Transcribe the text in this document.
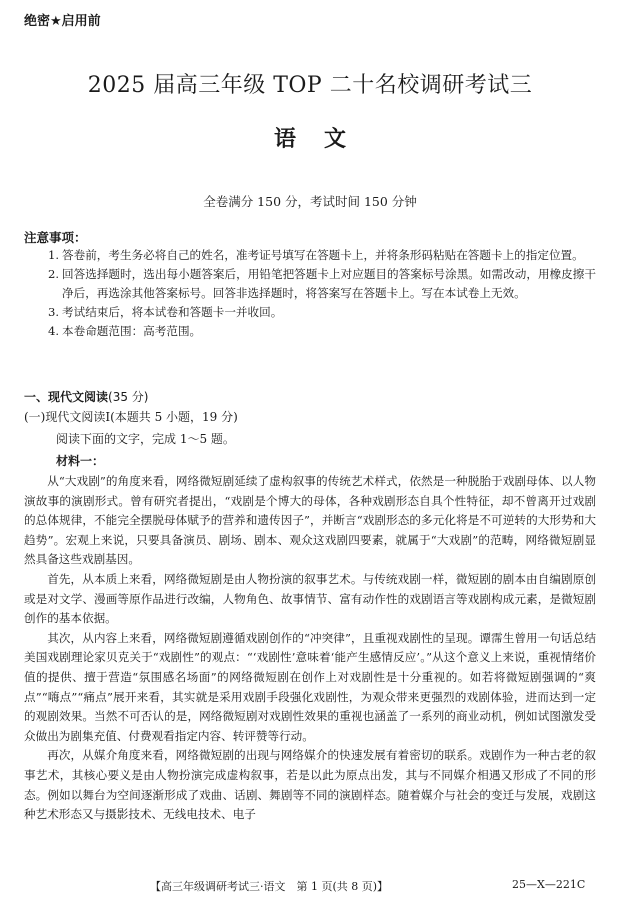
绝密★启用前
2025 届高三年级 TOP 二十名校调研考试三
语文
全卷满分 150 分，考试时间 150 分钟
注意事项：
1. 答卷前，考生务必将自己的姓名，准考证号填写在答题卡上，并将条形码粘贴在答题卡上的指定位置。
2. 回答选择题时，选出每小题答案后，用铅笔把答题卡上对应题目的答案标号涂黑。如需改动，用橡皮擦干净后，再选涂其他答案标号。回答非选择题时，将答案写在答题卡上。写在本试卷上无效。
3. 考试结束后，将本试卷和答题卡一并收回。
4. 本卷命题范围：高考范围。
一、现代文阅读(35 分)
(一)现代文阅读Ⅰ(本题共 5 小题，19 分)
阅读下面的文字，完成 1～5 题。
材料一：

从“大戏剧”的角度来看，网络微短剧延续了虚构叙事的传统艺术样式，依然是一种脱胎于戏剧母体、以人物演故事的演剧形式。曾有研究者提出，“戏剧是个博大的母体，各种戏剧形态自具个性特征，却不曾离开过戏剧的总体规律，不能完全摆脱母体赋予的营养和遗传因子”，并断言“戏剧形态的多元化将是不可逆转的大形势和大趋势”。宏观上来说，只要具备演员、剧场、剧本、观众这戏剧四要素，就属于“大戏剧”的范畴，网络微短剧显然具备这些戏剧基因。

首先，从本质上来看，网络微短剧是由人物扮演的叙事艺术。与传统戏剧一样，微短剧的剧本由自编剧原创或是对文学、漫画等原作品进行改编，人物角色、故事情节、富有动作性的戏剧语言等戏剧构成元素，是微短剧创作的基本依据。

其次，从内容上来看，网络微短剧遵循戏剧创作的“冲突律”，且重视戏剧性的呈现。谭霈生曾用一句话总结美国戏剧理论家贝克关于“戏剧性”的观点：“‘戏剧性’意味着‘能产生感情反应’。”从这个意义上来说，重视情绪价值的提供、擅于营造“氛围感名场面”的网络微短剧在创作上对戏剧性是十分重视的。如若将微短剧强调的“爽点”“嗨点”“痛点”展开来看，其实就是采用戏剧手段强化戏剧性，为观众带来更强烈的戏剧体验，进而达到一定的观剧效果。当然不可否认的是，网络微短剧对戏剧性效果的重视也涵盖了一系列的商业动机，例如试图激发受众做出为剧集充值、付费观看指定内容、转评赞等行动。

再次，从媒介角度来看，网络微短剧的出现与网络媒介的快速发展有着密切的联系。戏剧作为一种古老的叙事艺术，其核心要义是由人物扮演完成虚构叙事，若是以此为原点出发，其与不同媒介相遇又形成了不同的形态。例如以舞台为空间逐渐形成了戏曲、话剧、舞剧等不同的演剧样态。随着媒介与社会的变迁与发展，戏剧这种艺术形态又与摄影技术、无线电技术、电子

【高三年级调研考试三·语文　第 1 页(共 8 页)】	25—X—221C
